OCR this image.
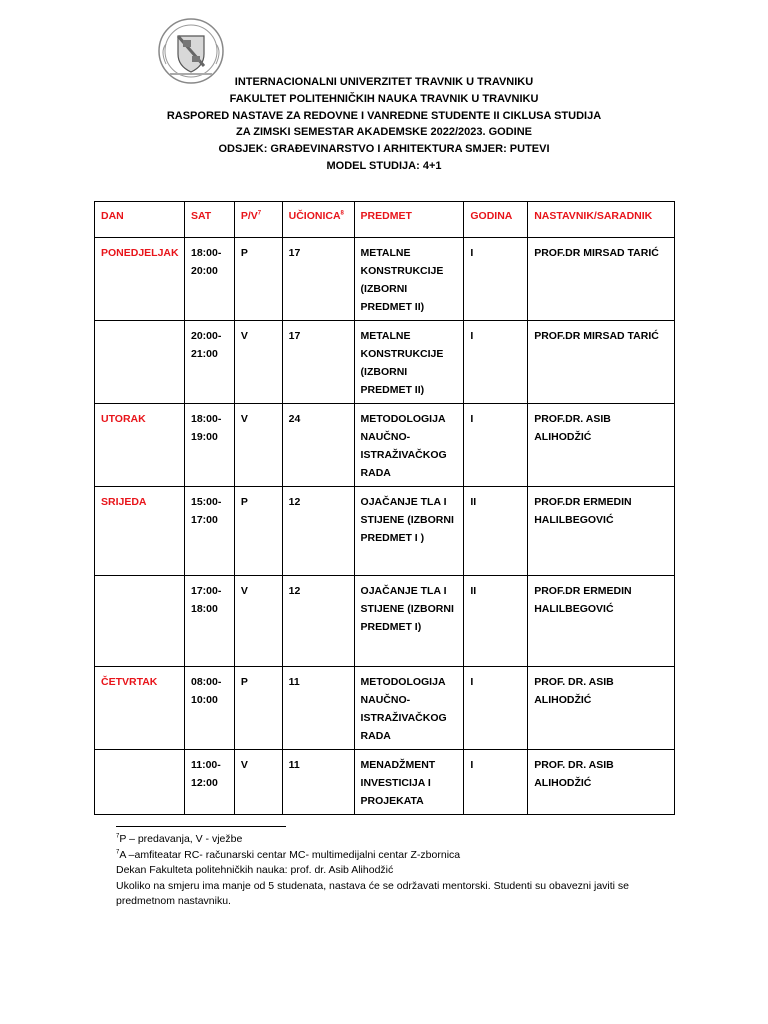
INTERNACIONALNI UNIVERZITET TRAVNIK U TRAVNIKU
FAKULTET POLITEHNIČKIH NAUKA TRAVNIK U TRAVNIKU
RASPORED NASTAVE ZA REDOVNE I VANREDNE STUDENTE II CIKLUSA STUDIJA
ZA ZIMSKI SEMESTAR AKADEMSKE 2022/2023. GODINE
ODSJEK: GRAĐEVINARSTVO I ARHITEKTURA SMJER: PUTEVI
MODEL STUDIJA: 4+1
DAN	SAT	$P/V^7$	UČIONICA$^8$	PREDMET	GODINA	NASTAVNIK/SARADNIK
PONEDJELJAK	18:00-
20:00	P	17	METALNE KONSTRUKCIJE (IZBORNI PREDMET II)	I	PROF.DR MIRSAD TARIĆ

	20:00-
21:00	V	17	METALNE KONSTRUKCIJE (IZBORNI PREDMET II)	I	PROF.DR MIRSAD TARIĆ
UTORAK	18:00-
19:00	V	24	METODOLOGIJA NAUČNO-ISTRAŽIVAČKOG RADA	I	PROF.DR. ASIB ALIHODŽIĆ
SRIJEDA	15:00-
17:00	P	12	OJAČANJE TLA I STIJENE (IZBORNI PREDMET I )	II	PROF.DR ERMEDIN HALILBEGOVIĆ

	17:00-
18:00	V	12	OJAČANJE TLA I STIJENE (IZBORNI PREDMET I)	II	PROF.DR ERMEDIN HALILBEGOVIĆ
ČETVRTAK	08:00-
10:00	P	11	METODOLOGIJA NAUČNO-ISTRAŽIVAČKOG RADA	I	PROF. DR. ASIB ALIHODŽIĆ

	11:00-
12:00	V	11	MENADŽMENT INVESTICIJA I PROJEKATA	I	PROF. DR. ASIB ALIHODŽIĆ
$^7$P – predavanja, V - vježbe
$^7$A –amfiteatar RC- računarski centar MC- multimedijalni centar Z-zbornica
Dekan Fakulteta politehničkih nauka: prof. dr. Asib Alihodžić
Ukoliko na smjeru ima manje od 5 studenata, nastava će se održavati mentorski. Studenti su obavezni javiti se predmetnom nastavniku.
